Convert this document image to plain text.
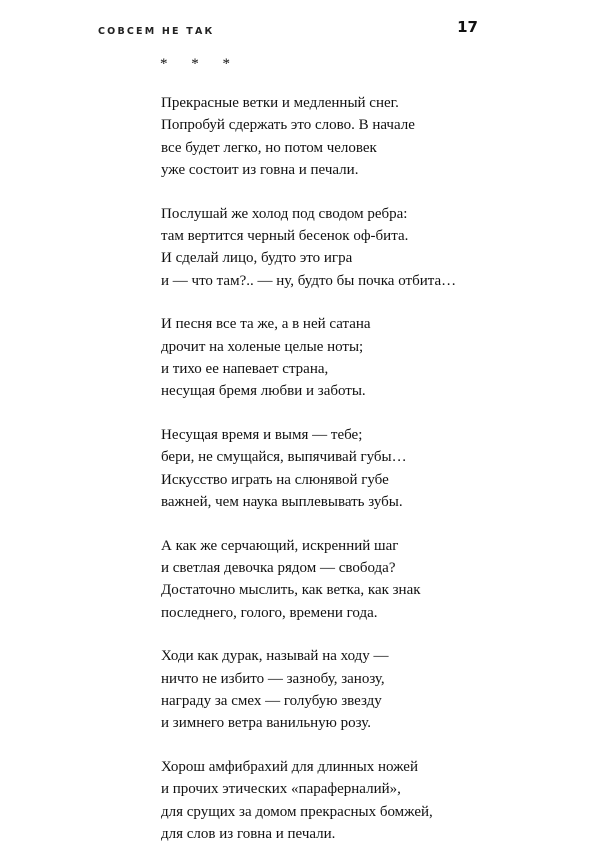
СОВСЕМ НЕ ТАК	17
* * *
Прекрасные ветки и медленный снег.
Попробуй сдержать это слово. В начале
все будет легко, но потом человек
уже состоит из говна и печали.
Послушай же холод под сводом ребра:
там вертится черный бесенок оф-бита.
И сделай лицо, будто это игра
и — что там?.. — ну, будто бы почка отбита…
И песня все та же, а в ней сатана
дрочит на холеные целые ноты;
и тихо ее напевает страна,
несущая бремя любви и заботы.
Несущая время и вымя — тебе;
бери, не смущайся, выпячивай губы…
Искусство играть на слюнявой губе
важней, чем наука выплевывать зубы.
А как же серчающий, искренний шаг
и светлая девочка рядом — свобода?
Достаточно мыслить, как ветка, как знак
последнего, голого, времени года.
Ходи как дурак, называй на ходу —
ничто не избито — зазнобу, занозу,
награду за смех — голубую звезду
и зимнего ветра ванильную розу.
Хорош амфибрахий для длинных ножей
и прочих этических «параферналий»,
для срущих за домом прекрасных бомжей,
для слов из говна и печали.
